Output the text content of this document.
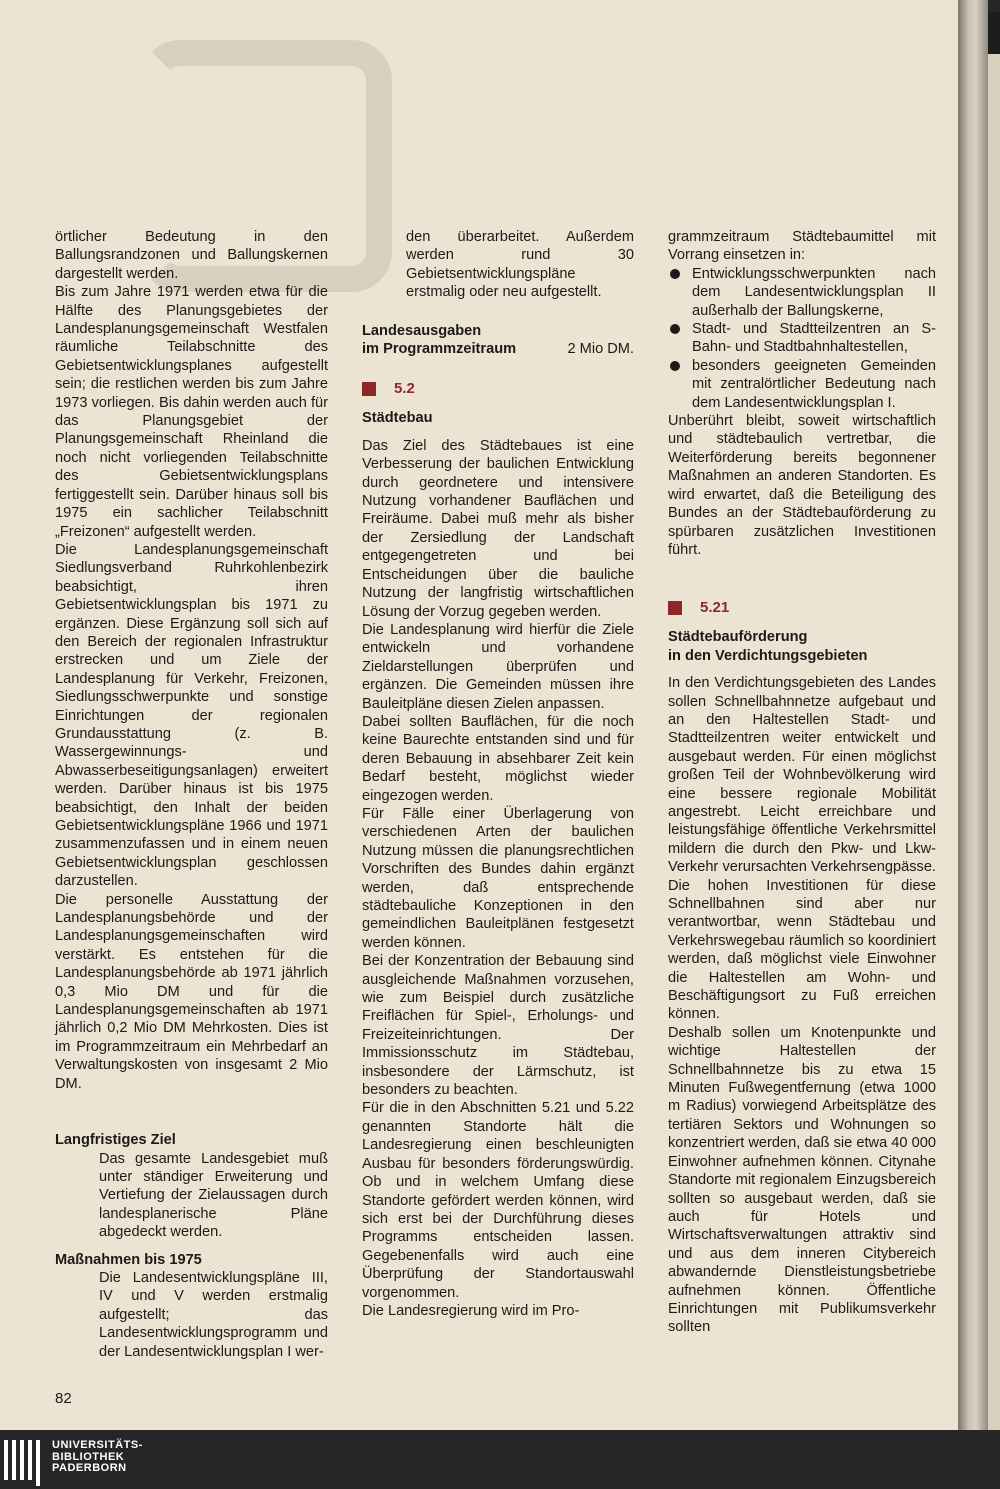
örtlicher Bedeutung in den Ballungsrandzonen und Ballungskernen dargestellt werden.

Bis zum Jahre 1971 werden etwa für die Hälfte des Planungsgebietes der Landesplanungsgemeinschaft Westfalen räumliche Teilabschnitte des Gebietsentwicklungsplanes aufgestellt sein; die restlichen werden bis zum Jahre 1973 vorliegen. Bis dahin werden auch für das Planungsgebiet der Planungsgemeinschaft Rheinland die noch nicht vorliegenden Teilabschnitte des Gebietsentwicklungsplans fertiggestellt sein. Darüber hinaus soll bis 1975 ein sachlicher Teilabschnitt „Freizonen“ aufgestellt werden.

Die Landesplanungsgemeinschaft Siedlungsverband Ruhrkohlenbezirk beabsichtigt, ihren Gebietsentwicklungsplan bis 1971 zu ergänzen. Diese Ergänzung soll sich auf den Bereich der regionalen Infrastruktur erstrecken und um Ziele der Landesplanung für Verkehr, Freizonen, Siedlungsschwerpunkte und sonstige Einrichtungen der regionalen Grundausstattung (z. B. Wassergewinnungs- und Abwasserbeseitigungsanlagen) erweitert werden. Darüber hinaus ist bis 1975 beabsichtigt, den Inhalt der beiden Gebietsentwicklungspläne 1966 und 1971 zusammenzufassen und in einem neuen Gebietsentwicklungsplan geschlossen darzustellen.

Die personelle Ausstattung der Landesplanungsbehörde und der Landesplanungsgemeinschaften wird verstärkt. Es entstehen für die Landesplanungsbehörde ab 1971 jährlich 0,3 Mio DM und für die Landesplanungsgemeinschaften ab 1971 jährlich 0,2 Mio DM Mehrkosten. Dies ist im Programmzeitraum ein Mehrbedarf an Verwaltungskosten von insgesamt 2 Mio DM.

Langfristiges Ziel

Das gesamte Landesgebiet muß unter ständiger Erweiterung und Vertiefung der Zielaussagen durch landesplanerische Pläne abgedeckt werden.

Maßnahmen bis 1975

Die Landesentwicklungspläne III, IV und V werden erstmalig aufgestellt; das Landesentwicklungsprogramm und der Landesentwicklungsplan I wer-

den überarbeitet. Außerdem werden rund 30 Gebietsentwicklungspläne erstmalig oder neu aufgestellt.

Landesausgaben
im Programmzeitraum	2 Mio DM.
5.2
Städtebau

Das Ziel des Städtebaues ist eine Verbesserung der baulichen Entwicklung durch geordnetere und intensivere Nutzung vorhandener Bauflächen und Freiräume. Dabei muß mehr als bisher der Zersiedlung der Landschaft entgegengetreten und bei Entscheidungen über die bauliche Nutzung der langfristig wirtschaftlichen Lösung der Vorzug gegeben werden.

Die Landesplanung wird hierfür die Ziele entwickeln und vorhandene Zieldarstellungen überprüfen und ergänzen. Die Gemeinden müssen ihre Bauleitpläne diesen Zielen anpassen.

Dabei sollten Bauflächen, für die noch keine Baurechte entstanden sind und für deren Bebauung in absehbarer Zeit kein Bedarf besteht, möglichst wieder eingezogen werden.

Für Fälle einer Überlagerung von verschiedenen Arten der baulichen Nutzung müssen die planungsrechtlichen Vorschriften des Bundes dahin ergänzt werden, daß entsprechende städtebauliche Konzeptionen in den gemeindlichen Bauleitplänen festgesetzt werden können.

Bei der Konzentration der Bebauung sind ausgleichende Maßnahmen vorzusehen, wie zum Beispiel durch zusätzliche Freiflächen für Spiel-, Erholungs- und Freizeiteinrichtungen. Der Immissionsschutz im Städtebau, insbesondere der Lärmschutz, ist besonders zu beachten.

Für die in den Abschnitten 5.21 und 5.22 genannten Standorte hält die Landesregierung einen beschleunigten Ausbau für besonders förderungswürdig. Ob und in welchem Umfang diese Standorte gefördert werden können, wird sich erst bei der Durchführung dieses Programms entscheiden lassen. Gegebenenfalls wird auch eine Überprüfung der Standortauswahl vorgenommen.

Die Landesregierung wird im Pro-

grammzeitraum Städtebaumittel mit Vorrang einsetzen in:

Entwicklungsschwerpunkten nach dem Landesentwicklungsplan II außerhalb der Ballungskerne,
Stadt- und Stadtteilzentren an S-Bahn- und Stadtbahnhaltestellen,
besonders geeigneten Gemeinden mit zentralörtlicher Bedeutung nach dem Landesentwicklungsplan I.

Unberührt bleibt, soweit wirtschaftlich und städtebaulich vertretbar, die Weiterförderung bereits begonnener Maßnahmen an anderen Standorten. Es wird erwartet, daß die Beteiligung des Bundes an der Städtebauförderung zu spürbaren zusätzlichen Investitionen führt.

5.21
Städtebauförderung
in den Verdichtungsgebieten

In den Verdichtungsgebieten des Landes sollen Schnellbahnnetze aufgebaut und an den Haltestellen Stadt- und Stadtteilzentren weiter entwickelt und ausgebaut werden. Für einen möglichst großen Teil der Wohnbevölkerung wird eine bessere regionale Mobilität angestrebt. Leicht erreichbare und leistungsfähige öffentliche Verkehrsmittel mildern die durch den Pkw- und Lkw-Verkehr verursachten Verkehrsengpässe. Die hohen Investitionen für diese Schnellbahnen sind aber nur verantwortbar, wenn Städtebau und Verkehrswegebau räumlich so koordiniert werden, daß möglichst viele Einwohner die Haltestellen am Wohn- und Beschäftigungsort zu Fuß erreichen können.

Deshalb sollen um Knotenpunkte und wichtige Haltestellen der Schnellbahnnetze bis zu etwa 15 Minuten Fußwegentfernung (etwa 1000 m Radius) vorwiegend Arbeitsplätze des tertiären Sektors und Wohnungen so konzentriert werden, daß sie etwa 40 000 Einwohner aufnehmen können. Citynahe Standorte mit regionalem Einzugsbereich sollten so ausgebaut werden, daß sie auch für Hotels und Wirtschaftsverwaltungen attraktiv sind und aus dem inneren Citybereich abwandernde Dienstleistungsbetriebe aufnehmen können. Öffentliche Einrichtungen mit Publikumsverkehr sollten

82
UNIVERSITÄTS-
BIBLIOTHEK
PADERBORN
